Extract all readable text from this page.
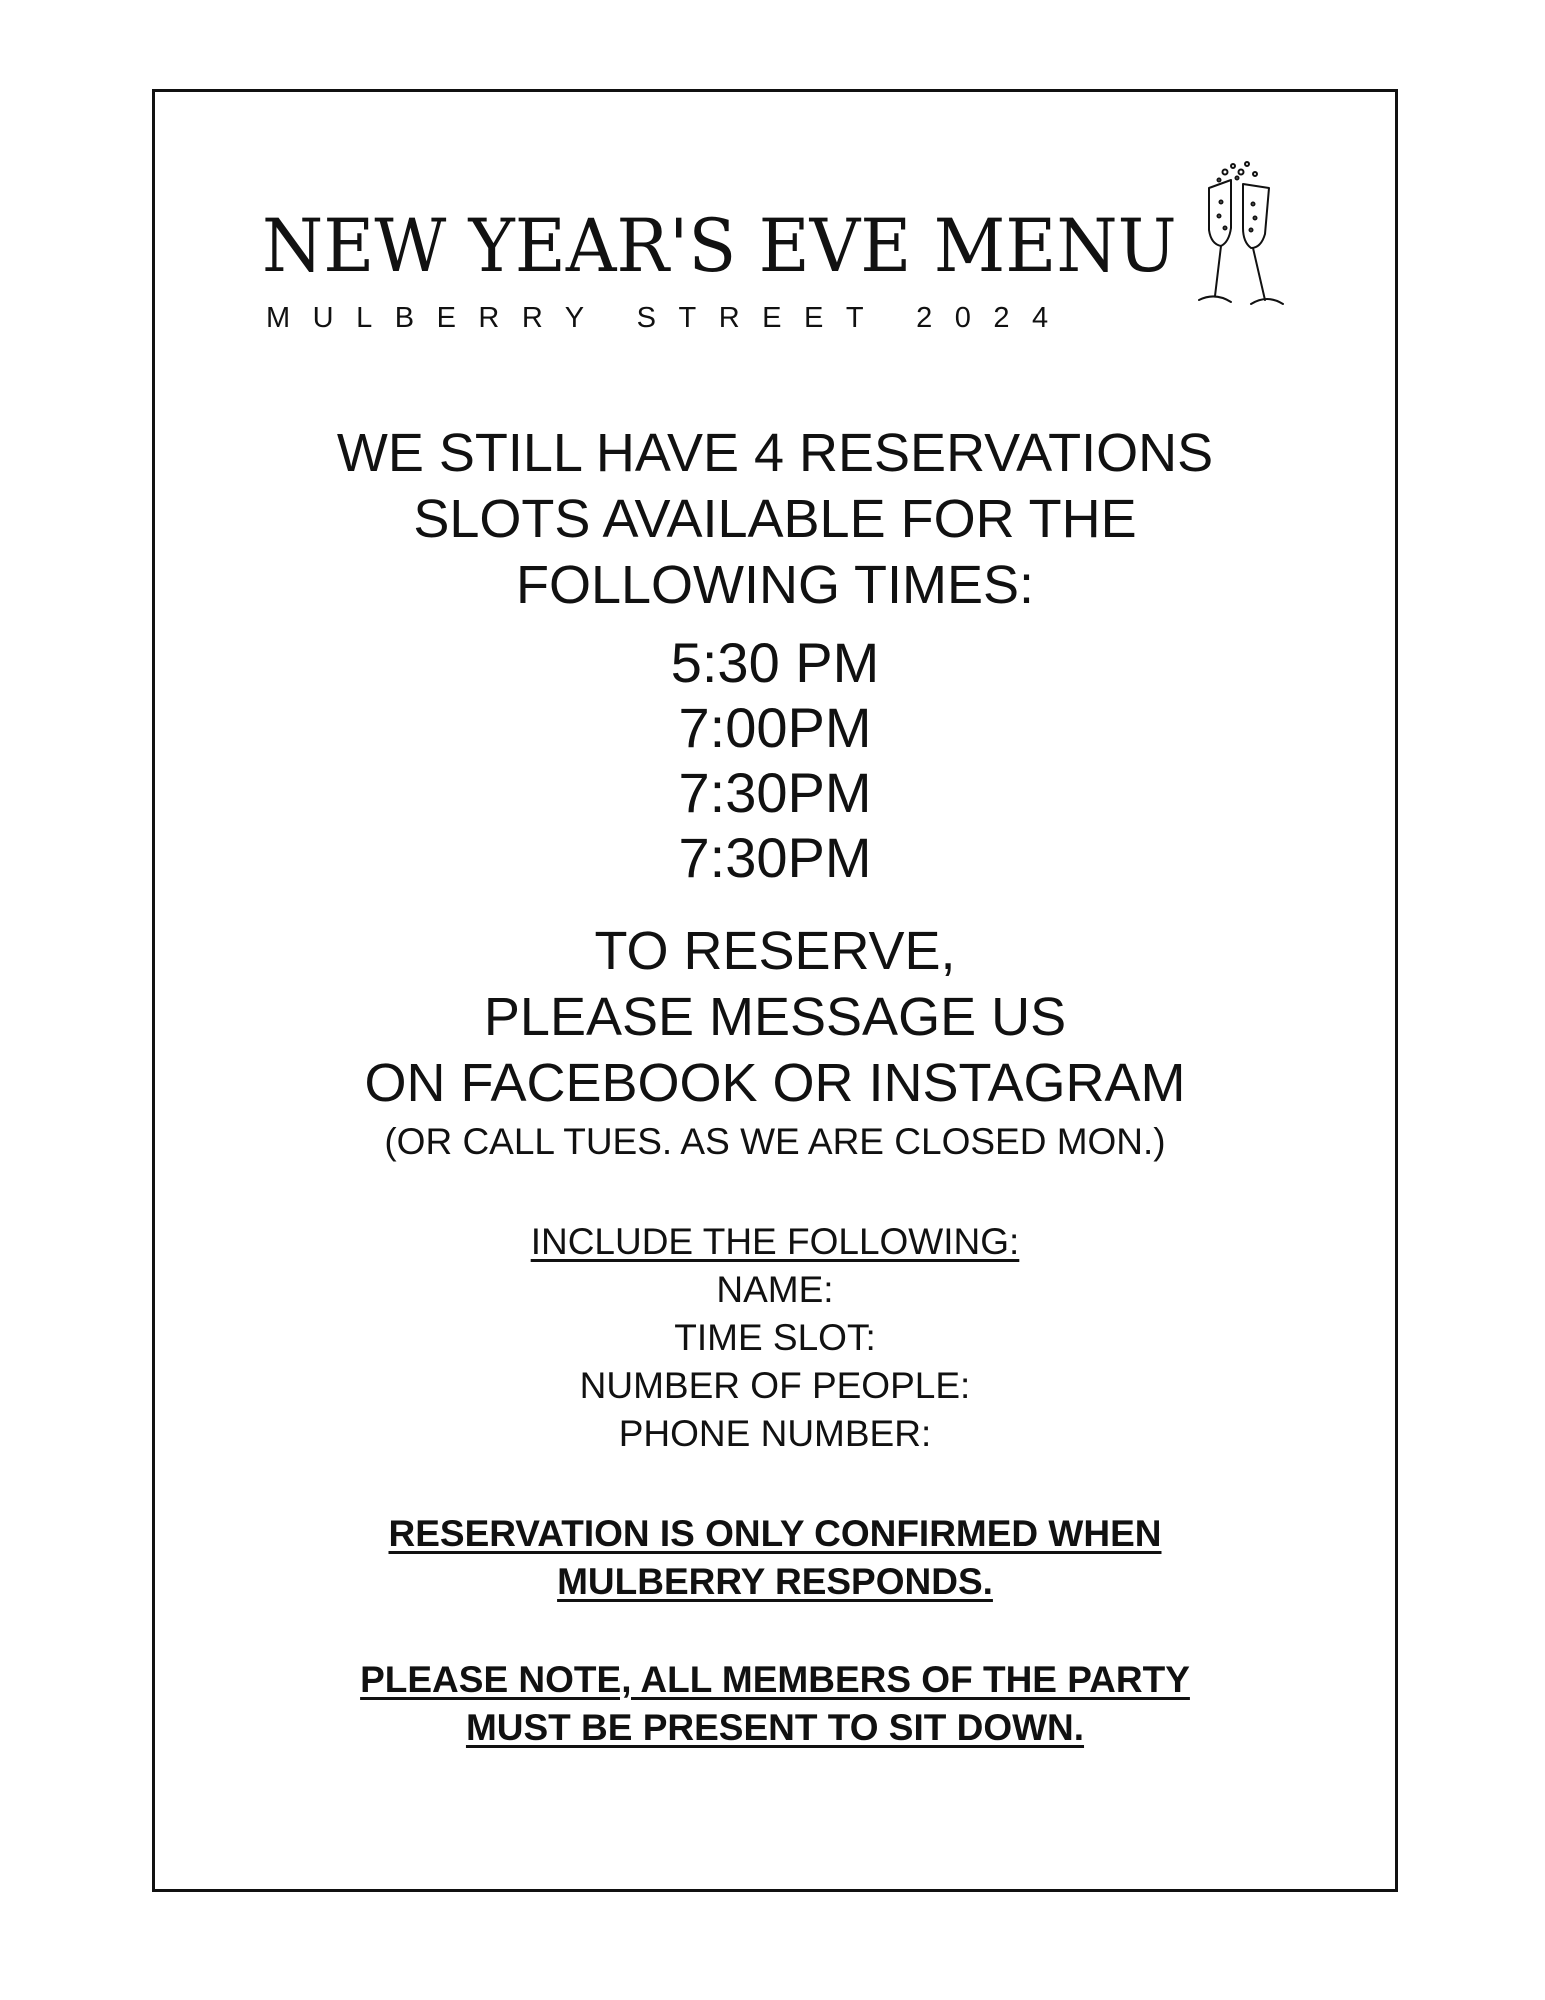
NEW YEAR'S EVE MENU

MULBERRY STREET 2024

WE STILL HAVE 4 RESERVATIONS
SLOTS AVAILABLE FOR THE
FOLLOWING TIMES:

5:30 PM
7:00PM
7:30PM
7:30PM

TO RESERVE,
PLEASE MESSAGE US
ON FACEBOOK OR INSTAGRAM

(OR CALL TUES. AS WE ARE CLOSED MON.)

INCLUDE THE FOLLOWING:

NAME:
TIME SLOT:
NUMBER OF PEOPLE:
PHONE NUMBER:

RESERVATION IS ONLY CONFIRMED WHEN
MULBERRY RESPONDS.

PLEASE NOTE, ALL MEMBERS OF THE PARTY
MUST BE PRESENT TO SIT DOWN.
